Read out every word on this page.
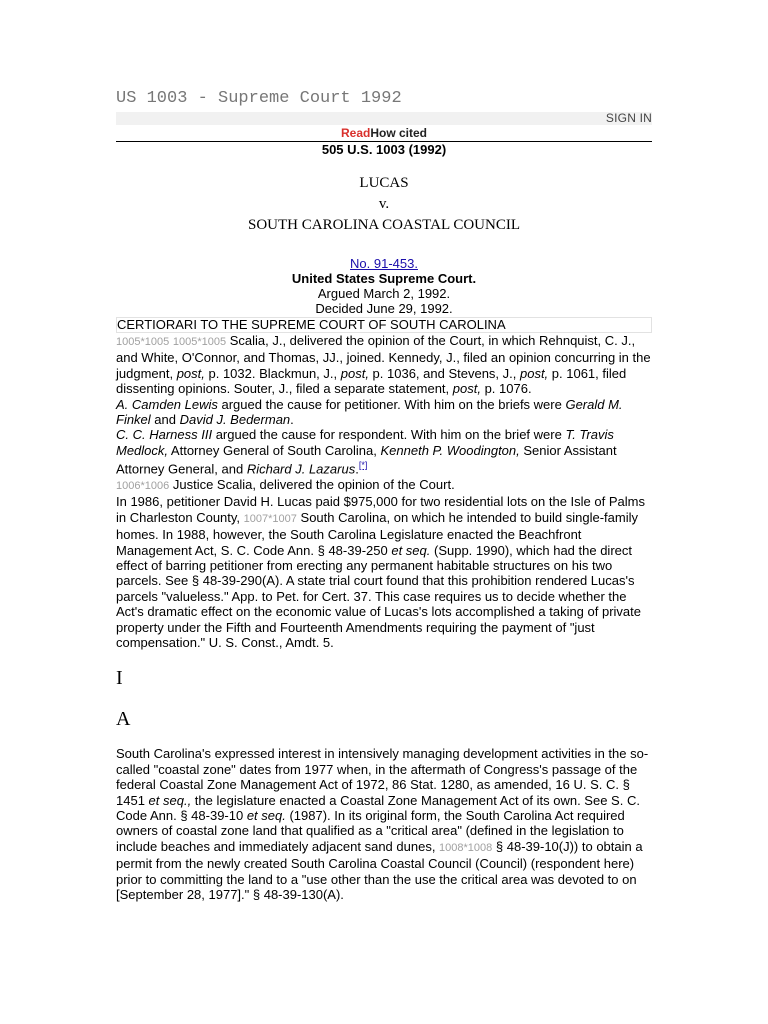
US 1003 - Supreme Court 1992
SIGN IN
ReadHow cited
505 U.S. 1003 (1992)
LUCAS
v.
SOUTH CAROLINA COASTAL COUNCIL
No. 91-453.
United States Supreme Court.
Argued March 2, 1992.
Decided June 29, 1992.
CERTIORARI TO THE SUPREME COURT OF SOUTH CAROLINA

1005*1005 1005*1005 Scalia, J., delivered the opinion of the Court, in which Rehnquist, C. J., and White, O'Connor, and Thomas, JJ., joined. Kennedy, J., filed an opinion concurring in the judgment, post, p. 1032. Blackmun, J., post, p. 1036, and Stevens, J., post, p. 1061, filed dissenting opinions. Souter, J., filed a separate statement, post, p. 1076.

A. Camden Lewis argued the cause for petitioner. With him on the briefs were Gerald M. Finkel and David J. Bederman.

C. C. Harness III argued the cause for respondent. With him on the brief were T. Travis Medlock, Attorney General of South Carolina, Kenneth P. Woodington, Senior Assistant Attorney General, and Richard J. Lazarus.[*]

1006*1006 Justice Scalia, delivered the opinion of the Court.

In 1986, petitioner David H. Lucas paid $975,000 for two residential lots on the Isle of Palms in Charleston County, 1007*1007 South Carolina, on which he intended to build single-family homes. In 1988, however, the South Carolina Legislature enacted the Beachfront Management Act, S. C. Code Ann. § 48-39-250 et seq. (Supp. 1990), which had the direct effect of barring petitioner from erecting any permanent habitable structures on his two parcels. See § 48-39-290(A). A state trial court found that this prohibition rendered Lucas's parcels "valueless." App. to Pet. for Cert. 37. This case requires us to decide whether the Act's dramatic effect on the economic value of Lucas's lots accomplished a taking of private property under the Fifth and Fourteenth Amendments requiring the payment of "just compensation." U. S. Const., Amdt. 5.

I
A

South Carolina's expressed interest in intensively managing development activities in the so-called "coastal zone" dates from 1977 when, in the aftermath of Congress's passage of the federal Coastal Zone Management Act of 1972, 86 Stat. 1280, as amended, 16 U. S. C. § 1451 et seq., the legislature enacted a Coastal Zone Management Act of its own. See S. C. Code Ann. § 48-39-10 et seq. (1987). In its original form, the South Carolina Act required owners of coastal zone land that qualified as a "critical area" (defined in the legislation to include beaches and immediately adjacent sand dunes, 1008*1008 § 48-39-10(J)) to obtain a permit from the newly created South Carolina Coastal Council (Council) (respondent here) prior to committing the land to a "use other than the use the critical area was devoted to on [September 28, 1977]." § 48-39-130(A).
